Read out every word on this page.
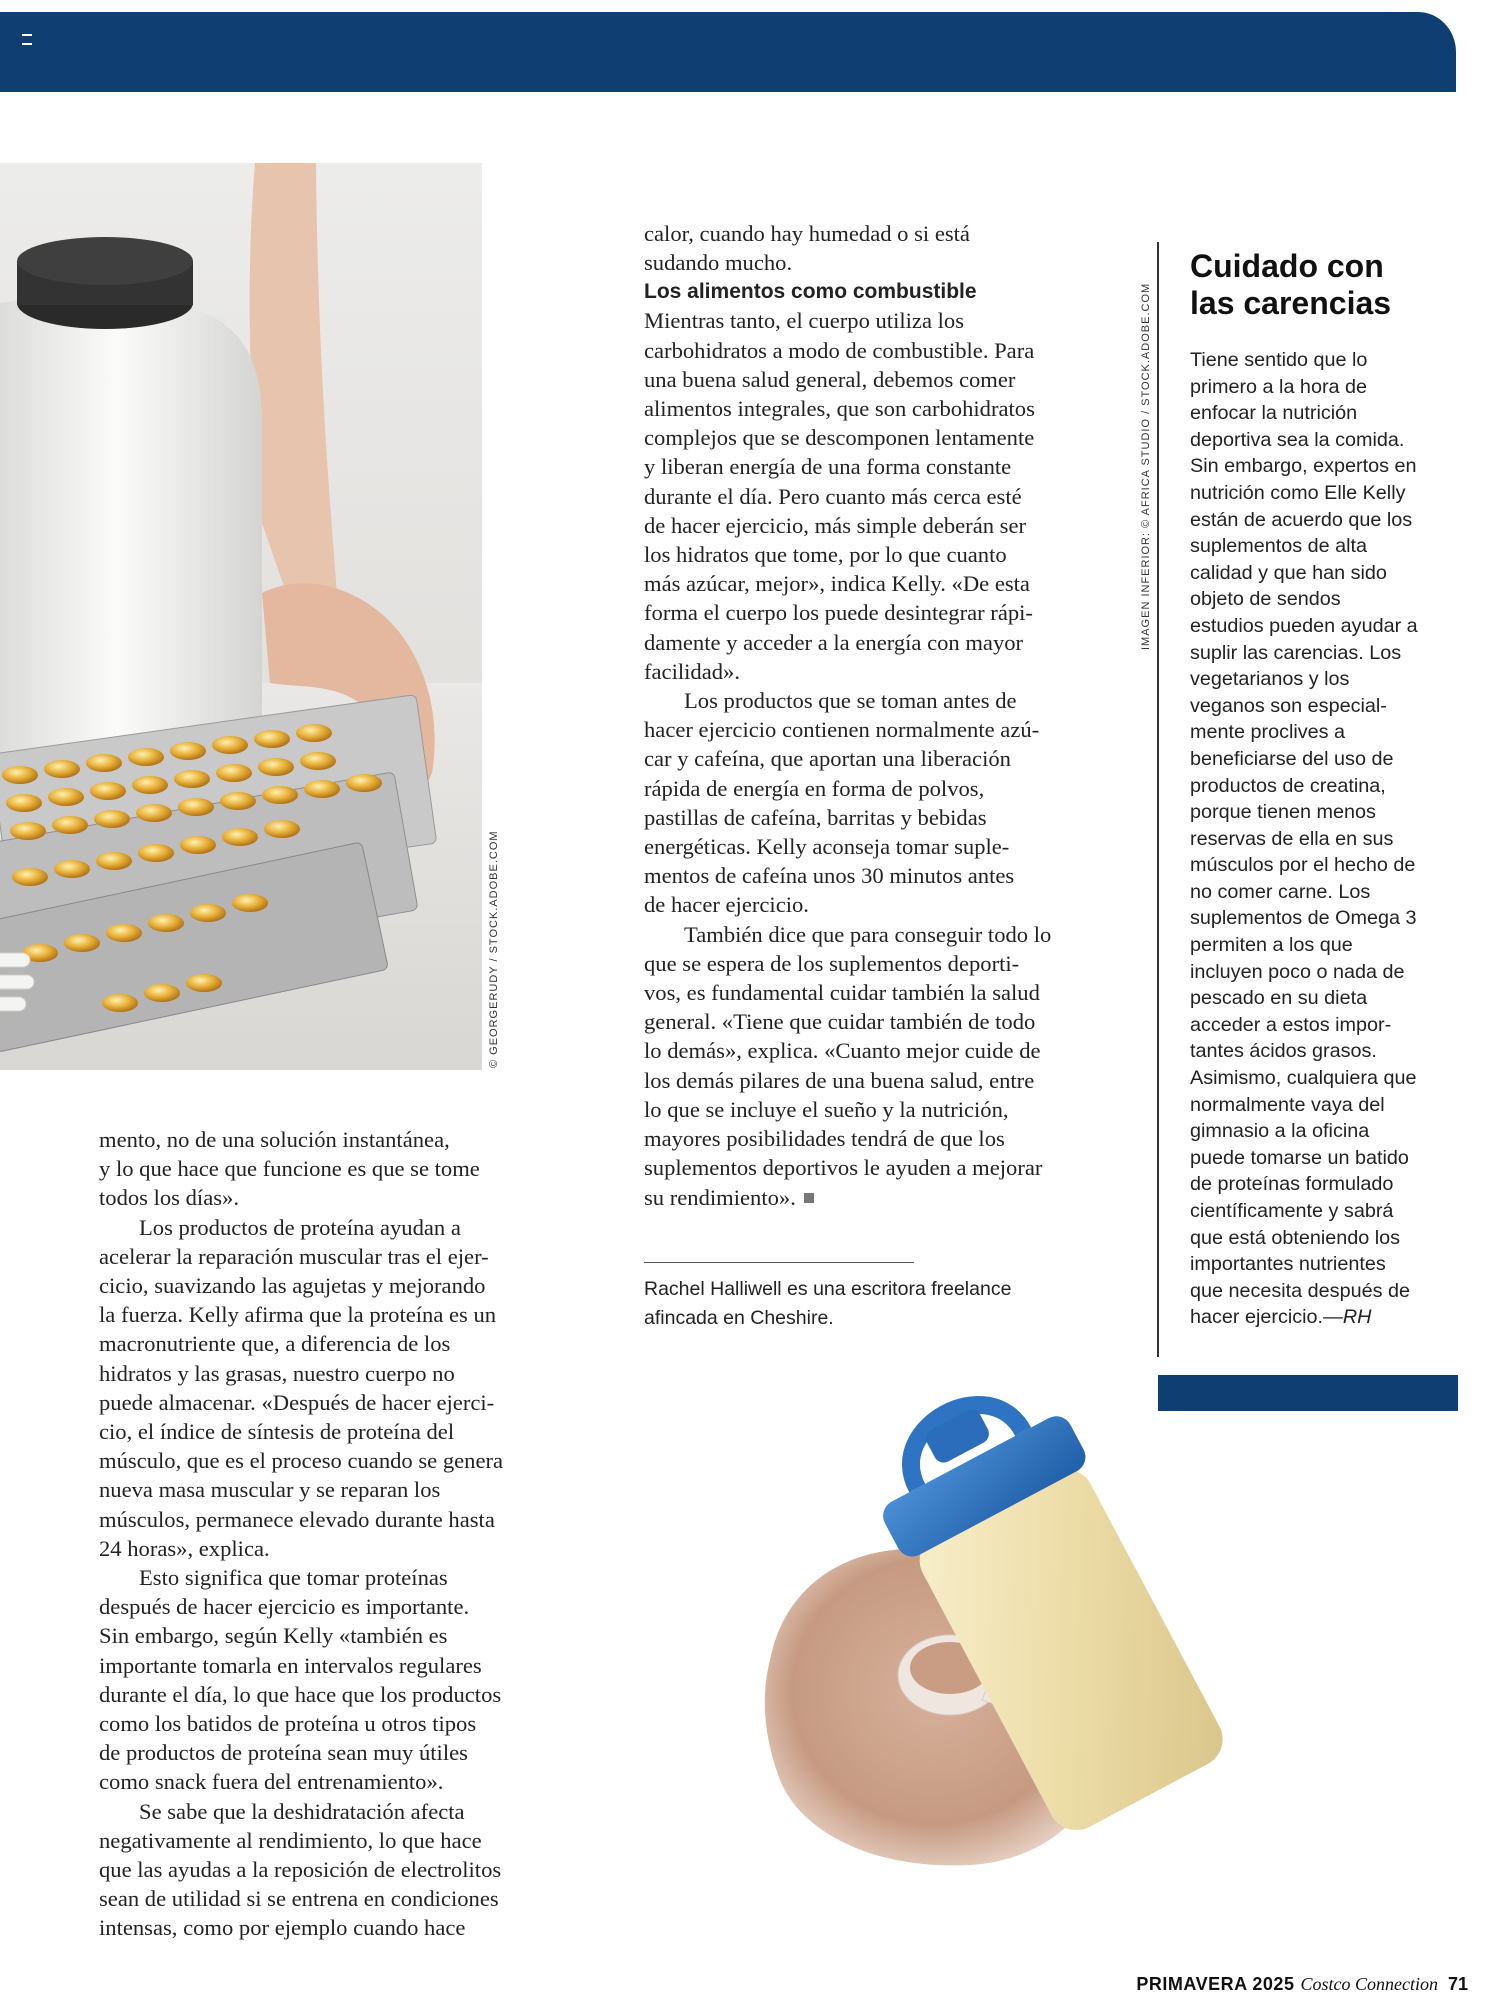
© GEORGERUDY / STOCK.ADOBE.COM

mento, no de una solución instantánea,

y lo que hace que funcione es que se tome

todos los días».

Los productos de proteína ayudan a

acelerar la reparación muscular tras el ejer-

cicio, suavizando las agujetas y mejorando

la fuerza. Kelly afirma que la proteína es un

macronutriente que, a diferencia de los

hidratos y las grasas, nuestro cuerpo no

puede almacenar. «Después de hacer ejerci-

cio, el índice de síntesis de proteína del

músculo, que es el proceso cuando se genera

nueva masa muscular y se reparan los

músculos, permanece elevado durante hasta

24 horas», explica.

Esto significa que tomar proteínas

después de hacer ejercicio es importante.

Sin embargo, según Kelly «también es

importante tomarla en intervalos regulares

durante el día, lo que hace que los productos

como los batidos de proteína u otros tipos

de productos de proteína sean muy útiles

como snack fuera del entrenamiento».

Se sabe que la deshidratación afecta

negativamente al rendimiento, lo que hace

que las ayudas a la reposición de electrolitos

sean de utilidad si se entrena en condiciones

intensas, como por ejemplo cuando hace

calor, cuando hay humedad o si está

sudando mucho.

Los alimentos como combustible

Mientras tanto, el cuerpo utiliza los

carbohidratos a modo de combustible. Para

una buena salud general, debemos comer

alimentos integrales, que son carbohidratos

complejos que se descomponen lentamente

y liberan energía de una forma constante

durante el día. Pero cuanto más cerca esté

de hacer ejercicio, más simple deberán ser

los hidratos que tome, por lo que cuanto

más azúcar, mejor», indica Kelly. «De esta

forma el cuerpo los puede desintegrar rápi-

damente y acceder a la energía con mayor

facilidad».

Los productos que se toman antes de

hacer ejercicio contienen normalmente azú-

car y cafeína, que aportan una liberación

rápida de energía en forma de polvos,

pastillas de cafeína, barritas y bebidas

energéticas. Kelly aconseja tomar suple-

mentos de cafeína unos 30 minutos antes

de hacer ejercicio.

También dice que para conseguir todo lo

que se espera de los suplementos deporti-

vos, es fundamental cuidar también la salud

general. «Tiene que cuidar también de todo

lo demás», explica. «Cuanto mejor cuide de

los demás pilares de una buena salud, entre

lo que se incluye el sueño y la nutrición,

mayores posibilidades tendrá de que los

suplementos deportivos le ayuden a mejorar

su rendimiento».

Rachel Halliwell es una escritora freelance afincada en Cheshire.
IMAGEN INFERIOR: © AFRICA STUDIO / STOCK.ADOBE.COM
Cuidado con las carencias

Tiene sentido que lo

primero a la hora de

enfocar la nutrición

deportiva sea la comida.

Sin embargo, expertos en

nutrición como Elle Kelly

están de acuerdo que los

suplementos de alta

calidad y que han sido

objeto de sendos

estudios pueden ayudar a

suplir las carencias. Los

vegetarianos y los

veganos son especial-

mente proclives a

beneficiarse del uso de

productos de creatina,

porque tienen menos

reservas de ella en sus

músculos por el hecho de

no comer carne. Los

suplementos de Omega 3

permiten a los que

incluyen poco o nada de

pescado en su dieta

acceder a estos impor-

tantes ácidos grasos.

Asimismo, cualquiera que

normalmente vaya del

gimnasio a la oficina

puede tomarse un batido

de proteínas formulado

científicamente y sabrá

que está obteniendo los

importantes nutrientes

que necesita después de

hacer ejercicio.—RH

PRIMAVERA 2025 Costco Connection 71
